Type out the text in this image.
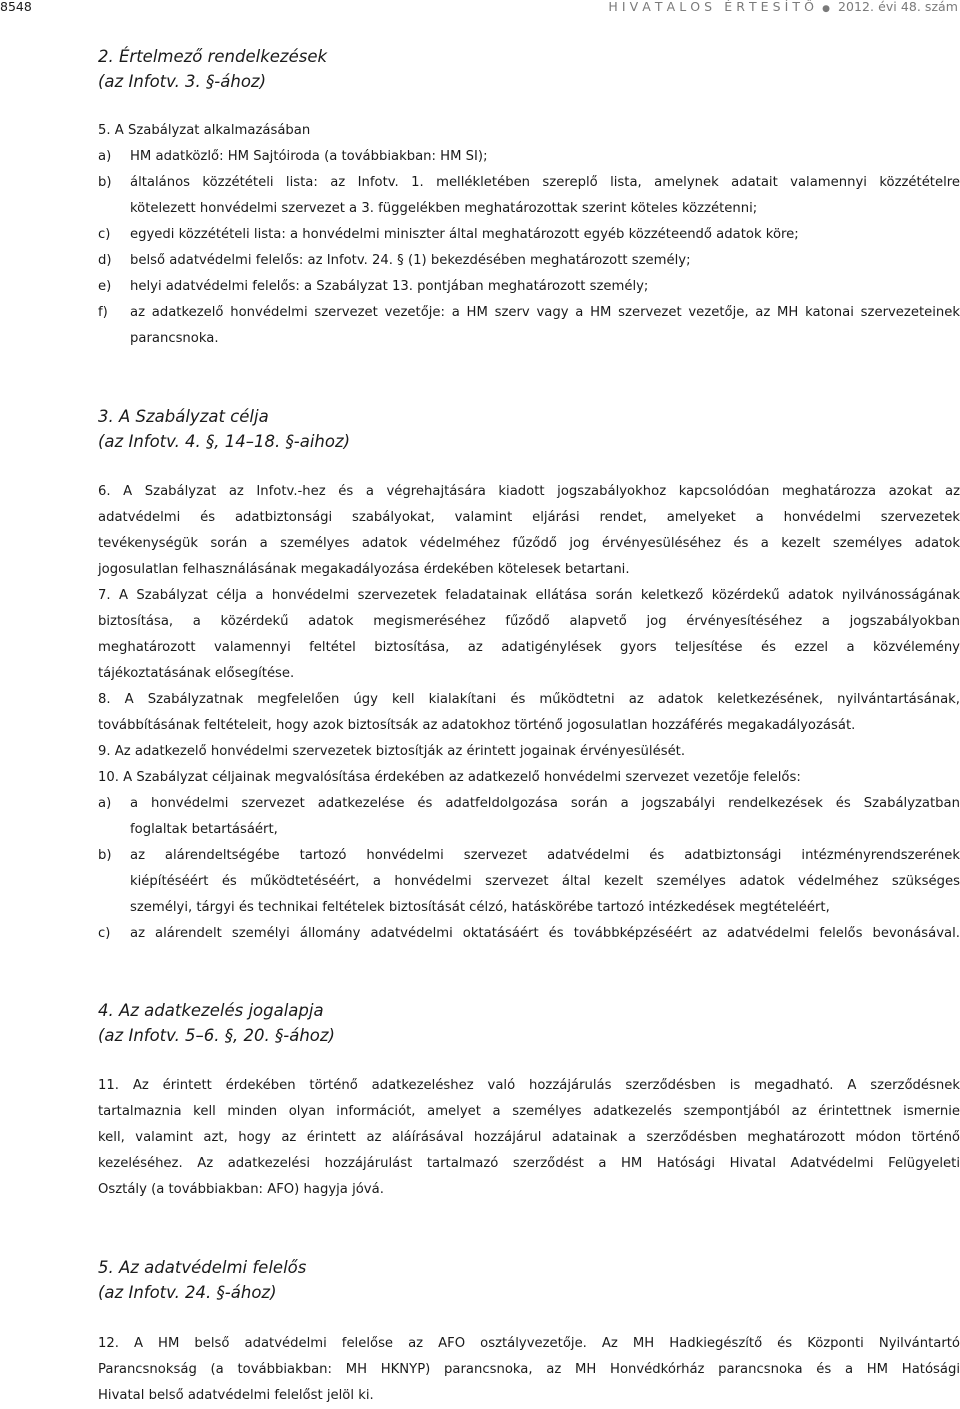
8548	H I V A T A L O S   É R T E S Í T Ő ● 2012. évi 48. szám
2. Értelmező rendelkezések
(az Infotv. 3. §-ához)
5. A Szabályzat alkalmazásában
a) HM adatközlő: HM Sajtóiroda (a továbbiakban: HM SI);
b) általános közzétételi lista: az Infotv. 1. mellékletében szereplő lista, amelynek adatait valamennyi közzétételre
kötelezett honvédelmi szervezet a 3. függelékben meghatározottak szerint köteles közzétenni;
c) egyedi közzétételi lista: a honvédelmi miniszter által meghatározott egyéb közzéteendő adatok köre;
d) belső adatvédelmi felelős: az Infotv. 24. § (1) bekezdésében meghatározott személy;
e) helyi adatvédelmi felelős: a Szabályzat 13. pontjában meghatározott személy;
f) az adatkezelő honvédelmi szervezet vezetője: a HM szerv vagy a HM szervezet vezetője, az MH katonai szervezeteinek
parancsnoka.
3. A Szabályzat célja
(az Infotv. 4. §, 14–18. §-aihoz)
6. A Szabályzat az Infotv.-hez és a végrehajtására kiadott jogszabályokhoz kapcsolódóan meghatározza azokat az
adatvédelmi és adatbiztonsági szabályokat, valamint eljárási rendet, amelyeket a honvédelmi szervezetek
tevékenységük során a személyes adatok védelméhez fűződő jog érvényesüléséhez és a kezelt személyes adatok
jogosulatlan felhasználásának megakadályozása érdekében kötelesek betartani.
7. A Szabályzat célja a honvédelmi szervezetek feladatainak ellátása során keletkező közérdekű adatok nyilvánosságának
biztosítása, a közérdekű adatok megismeréséhez fűződő alapvető jog érvényesítéséhez a jogszabályokban
meghatározott valamennyi feltétel biztosítása, az adatigénylések gyors teljesítése és ezzel a közvélemény
tájékoztatásának elősegítése.
8. A Szabályzatnak megfelelően úgy kell kialakítani és működtetni az adatok keletkezésének, nyilvántartásának,
továbbításának feltételeit, hogy azok biztosítsák az adatokhoz történő jogosulatlan hozzáférés megakadályozását.
9. Az adatkezelő honvédelmi szervezetek biztosítják az érintett jogainak érvényesülését.
10. A Szabályzat céljainak megvalósítása érdekében az adatkezelő honvédelmi szervezet vezetője felelős:
a) a honvédelmi szervezet adatkezelése és adatfeldolgozása során a jogszabályi rendelkezések és Szabályzatban
foglaltak betartásáért,
b) az alárendeltségébe tartozó honvédelmi szervezet adatvédelmi és adatbiztonsági intézményrendszerének
kiépítéséért és működtetéséért, a honvédelmi szervezet által kezelt személyes adatok védelméhez szükséges
személyi, tárgyi és technikai feltételek biztosítását célzó, hatáskörébe tartozó intézkedések megtételéért,
c) az alárendelt személyi állomány adatvédelmi oktatásáért és továbbképzéséért az adatvédelmi felelős bevonásával.
4. Az adatkezelés jogalapja
(az Infotv. 5–6. §, 20. §-ához)
11. Az érintett érdekében történő adatkezeléshez való hozzájárulás szerződésben is megadható. A szerződésnek
tartalmaznia kell minden olyan információt, amelyet a személyes adatkezelés szempontjából az érintettnek ismernie
kell, valamint azt, hogy az érintett az aláírásával hozzájárul adatainak a szerződésben meghatározott módon történő
kezeléséhez. Az adatkezelési hozzájárulást tartalmazó szerződést a HM Hatósági Hivatal Adatvédelmi Felügyeleti
Osztály (a továbbiakban: AFO) hagyja jóvá.
5. Az adatvédelmi felelős
(az Infotv. 24. §-ához)
12. A HM belső adatvédelmi felelőse az AFO osztályvezetője. Az MH Hadkiegészítő és Központi Nyilvántartó
Parancsnokság (a továbbiakban: MH HKNYP) parancsnoka, az MH Honvédkórház parancsnoka és a HM Hatósági
Hivatal belső adatvédelmi felelőst jelöl ki.
